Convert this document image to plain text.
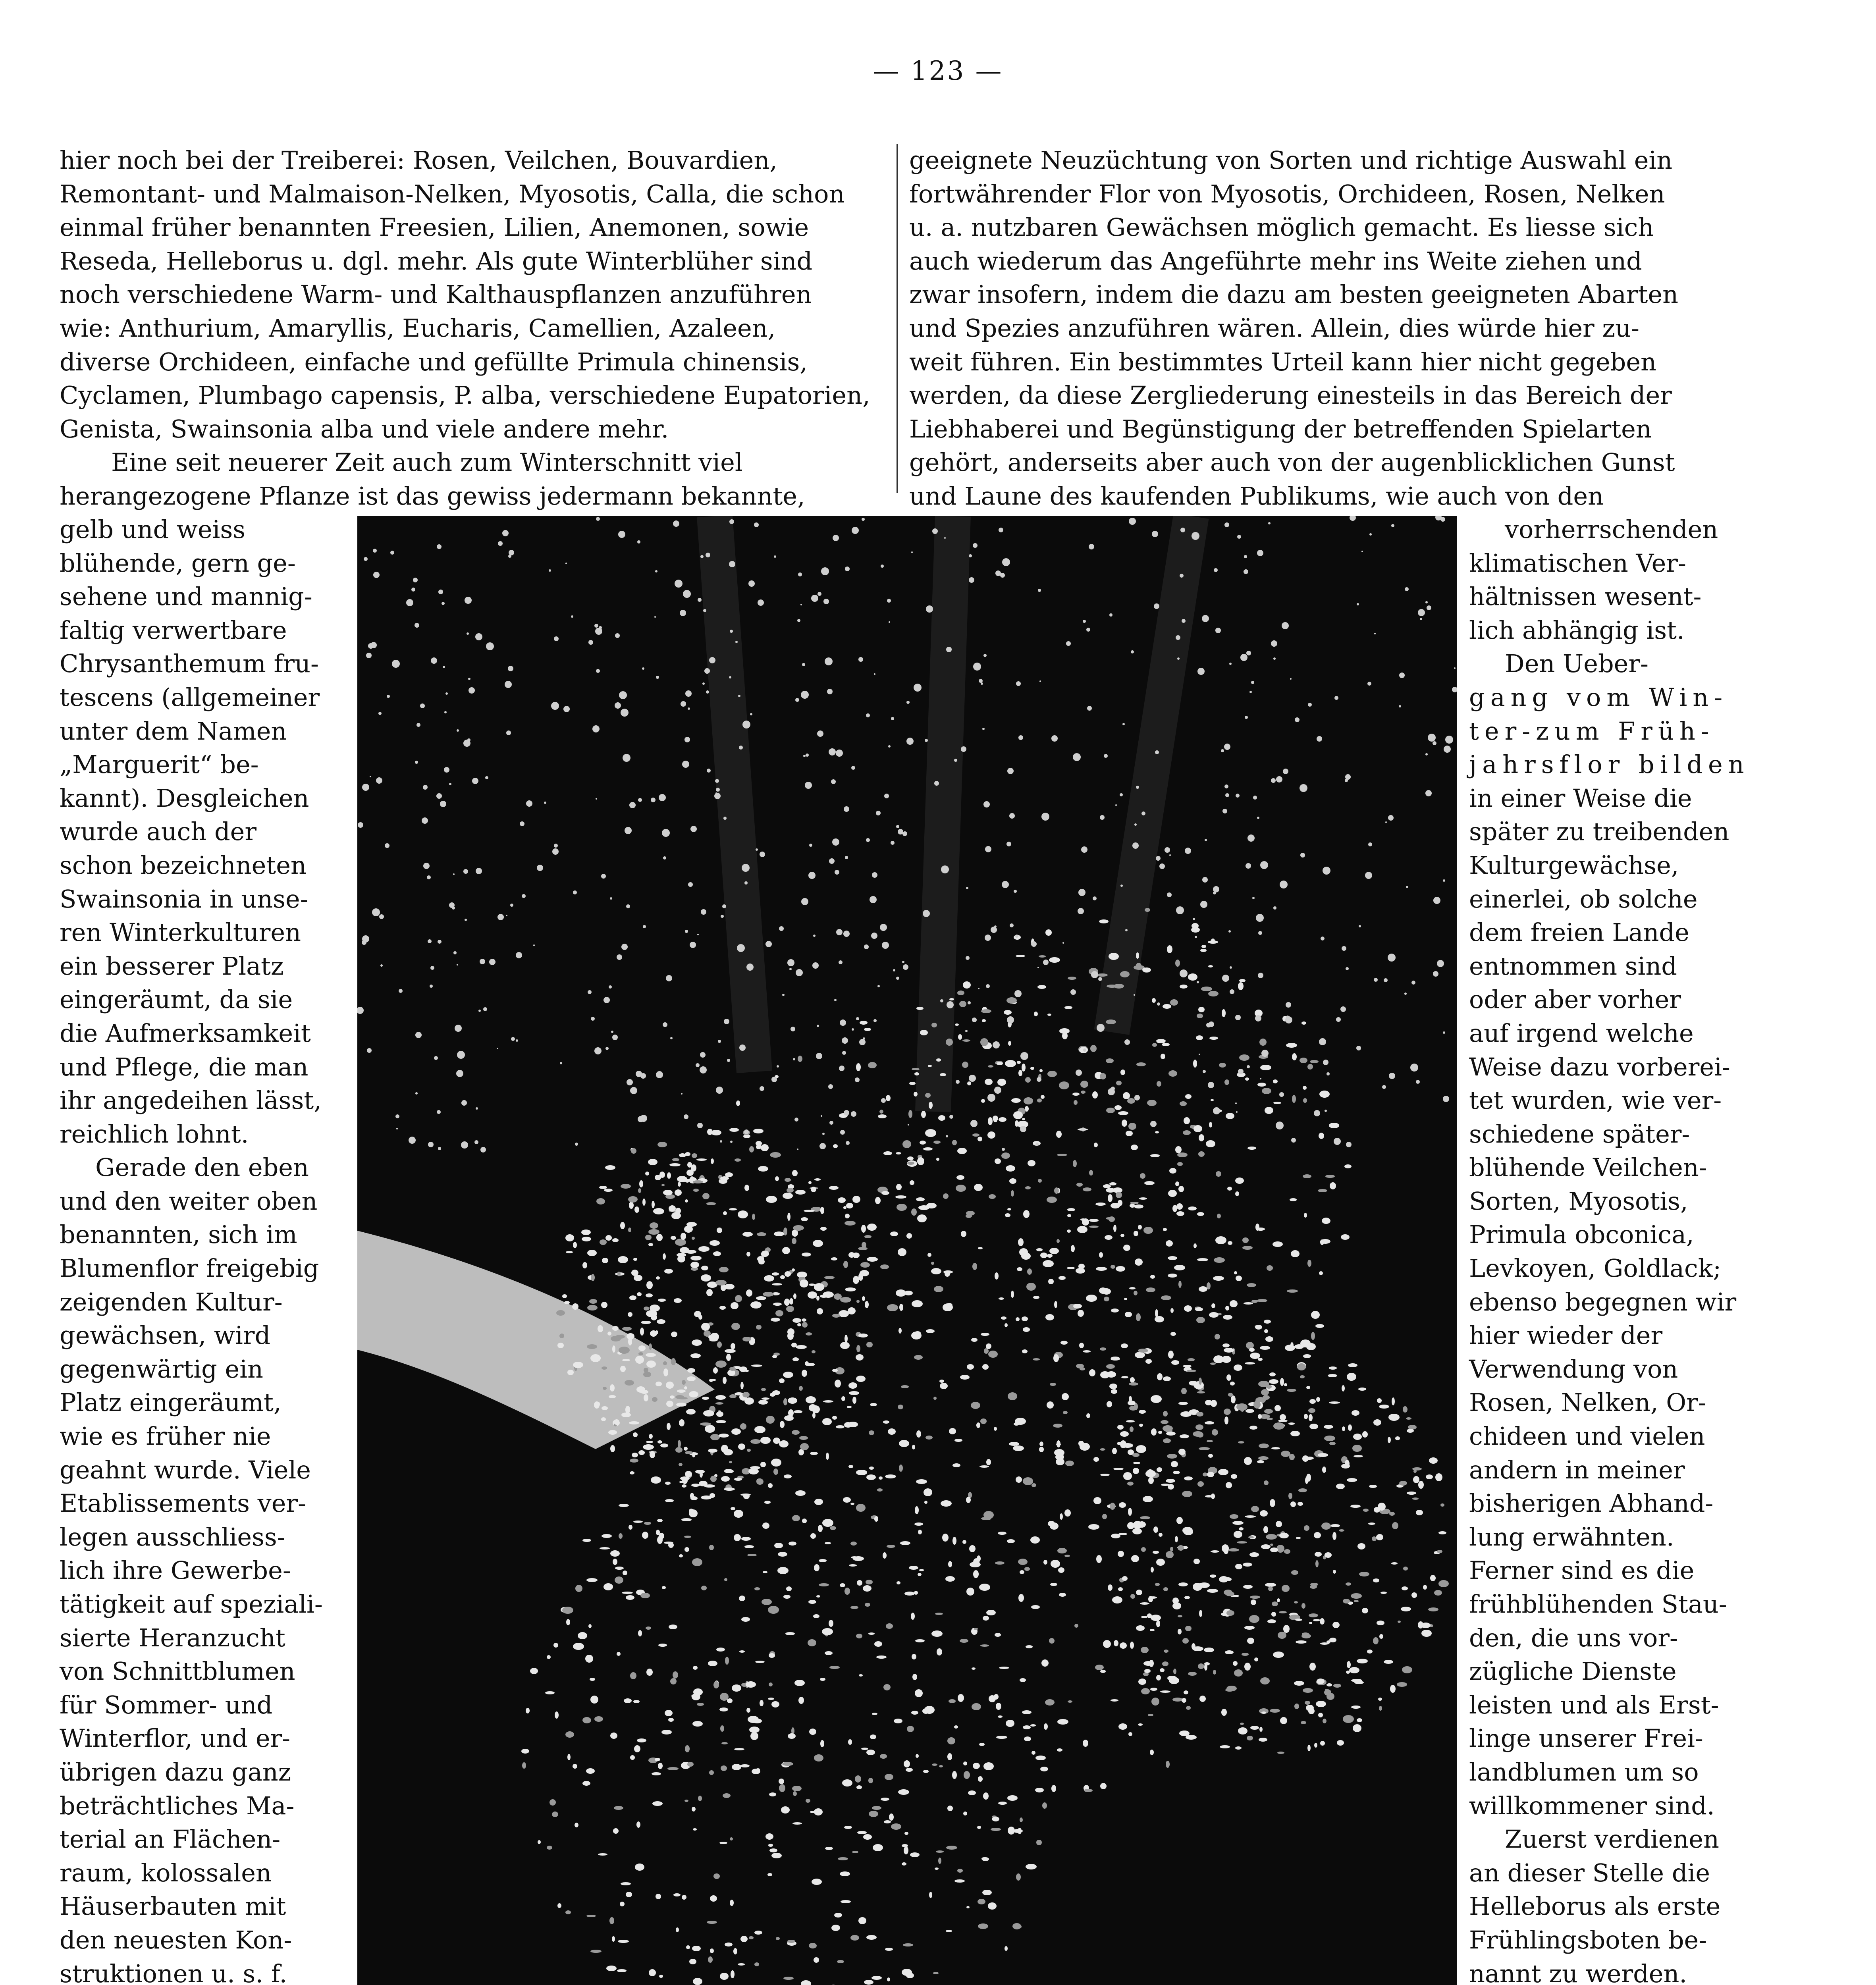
— 123 —
hier noch bei der Treiberei: Rosen, Veilchen, Bouvardien,
Remontant- und Malmaison-Nelken, Myosotis, Calla, die schon
einmal früher benannten Freesien, Lilien, Anemonen, sowie
Reseda, Helleborus u. dgl. mehr. Als gute Winterblüher sind
noch verschiedene Warm- und Kalthauspflanzen anzuführen
wie: Anthurium, Amaryllis, Eucharis, Camellien, Azaleen,
diverse Orchideen, einfache und gefüllte Primula chinensis,
Cyclamen, Plumbago capensis, P. alba, verschiedene Eupatorien,
Genista, Swainsonia alba und viele andere mehr.
Eine seit neuerer Zeit auch zum Winterschnitt viel
herangezogene Pflanze ist das gewiss jedermann bekannte,
geeignete Neuzüchtung von Sorten und richtige Auswahl ein
fortwährender Flor von Myosotis, Orchideen, Rosen, Nelken
u. a. nutzbaren Gewächsen möglich gemacht. Es liesse sich
auch wiederum das Angeführte mehr ins Weite ziehen und
zwar insofern, indem die dazu am besten geeigneten Abarten
und Spezies anzuführen wären. Allein, dies würde hier zu-
weit führen. Ein bestimmtes Urteil kann hier nicht gegeben
werden, da diese Zergliederung einesteils in das Bereich der
Liebhaberei und Begünstigung der betreffenden Spielarten
gehört, anderseits aber auch von der augenblicklichen Gunst
und Laune des kaufenden Publikums, wie auch von den
gelb und weiss
blühende, gern ge-
sehene und mannig-
faltig verwertbare
Chrysanthemum fru-
tescens (allgemeiner
unter dem Namen
„Marguerit“ be-
kannt). Desgleichen
wurde auch der
schon bezeichneten
Swainsonia in unse-
ren Winterkulturen
ein besserer Platz
eingeräumt, da sie
die Aufmerksamkeit
und Pflege, die man
ihr angedeihen lässt,
reichlich lohnt.
Gerade den eben
und den weiter oben
benannten, sich im
Blumenflor freigebig
zeigenden Kultur-
gewächsen, wird
gegenwärtig ein
Platz eingeräumt,
wie es früher nie
geahnt wurde. Viele
Etablissements ver-
legen ausschliess-
lich ihre Gewerbe-
tätigkeit auf speziali-
sierte Heranzucht
von Schnittblumen
für Sommer- und
Winterflor, und er-
übrigen dazu ganz
beträchtliches Ma-
terial an Flächen-
raum, kolossalen
Häuserbauten mit
den neuesten Kon-
struktionen u. s. f.
vorherrschenden
klimatischen Ver-
hältnissen wesent-
lich abhängig ist.
Den Ueber-
gang vom Win-
ter-zum Früh-
jahrsflor bilden
in einer Weise die
später zu treibenden
Kulturgewächse,
einerlei, ob solche
dem freien Lande
entnommen sind
oder aber vorher
auf irgend welche
Weise dazu vorberei-
tet wurden, wie ver-
schiedene später-
blühende Veilchen-
Sorten, Myosotis,
Primula obconica,
Levkoyen, Goldlack;
ebenso begegnen wir
hier wieder der
Verwendung von
Rosen, Nelken, Or-
chideen und vielen
andern in meiner
bisherigen Abhand-
lung erwähnten.
Ferner sind es die
frühblühenden Stau-
den, die uns vor-
zügliche Dienste
leisten und als Erst-
linge unserer Frei-
landblumen um so
willkommener sind.
Zuerst verdienen
an dieser Stelle die
Helleborus als erste
Frühlingsboten be-
nannt zu werden.
